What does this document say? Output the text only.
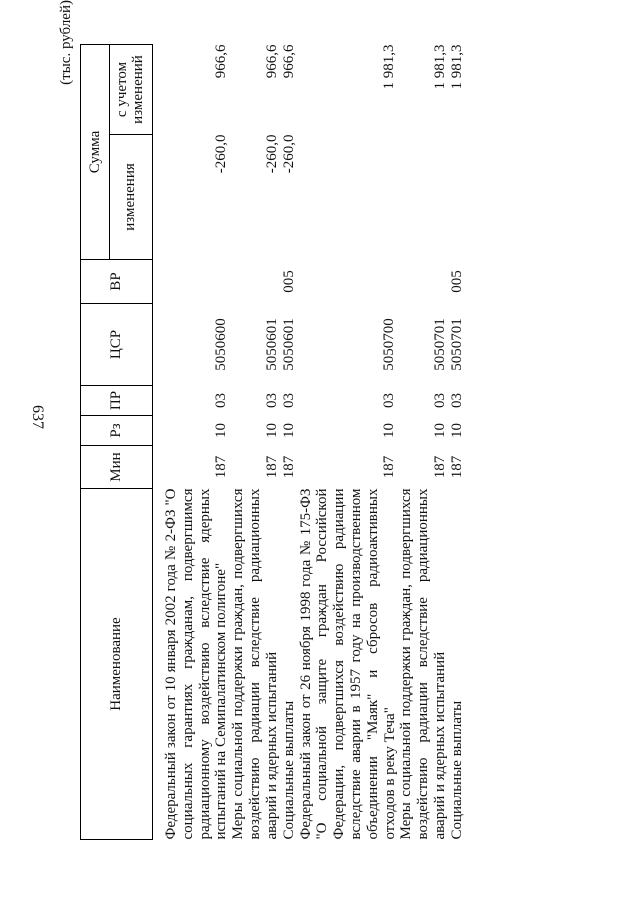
637
(тыс. рублей)
Наименование	Мин	Рз	ПР	ЦСР	ВР	Сумма	
						изменения	с учетом изменений

Федеральный закон от 10 января 2002 года № 2-ФЗ "О социальных гарантиях гражданам, подвергшимся радиационному воздействию вследствие ядерных испытаний на Семипалатинском полигоне"	187	10	03	5050600		-260,0	966,6
Меры социальной поддержки граждан, подвергшихся воздействию радиации вследствие радиационных аварий и ядерных испытаний	187	10	03	5050601		-260,0	966,6
Социальные выплаты	187	10	03	5050601	005	-260,0	966,6
Федеральный закон от 26 ноября 1998 года № 175-ФЗ "О социальной защите граждан Российской Федерации, подвергшихся воздействию радиации вследствие аварии в 1957 году на производственном объединении "Маяк" и сбросов радиоактивных отходов в реку Теча"	187	10	03	5050700			1 981,3
Меры социальной поддержки граждан, подвергшихся воздействию радиации вследствие радиационных аварий и ядерных испытаний	187	10	03	5050701			1 981,3
Социальные выплаты	187	10	03	5050701	005		1 981,3
